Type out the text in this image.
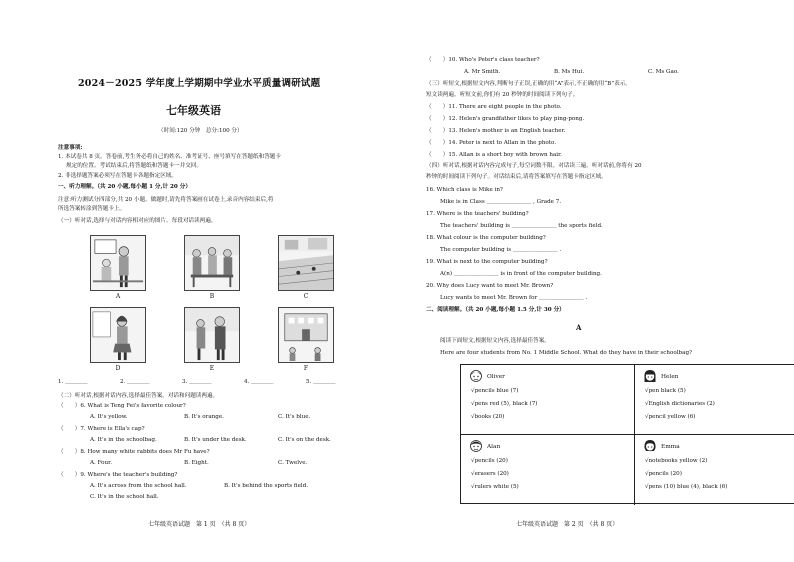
2024－2025 学年度上学期期中学业水平质量调研试题
七年级英语
（时间:120 分钟　总分:100 分）
注意事项:
1. 本试卷共 8 页。答卷前,考生务必将自己的姓名、准考证号、座号填写在答题纸和答题卡
规定的位置。考试结束后,将答题纸和答题卡一并交回。
2. 非选择题答案必须写在答题卡各题指定区域。
一、听力理解。（共 20 小题,每小题 1 分,计 20 分）
注意:听力测试分四部分,共 20 小题。做题时,请先将答案画在试卷上,录音内容结束后,将
所选答案转涂到答题卡上。
（一）听对话,选择与对话内容相对应的图片。每段对话读两遍。
A	B	C
D	E	F
1. ＿＿＿＿	2. ＿＿＿＿	3. ＿＿＿＿	4. ＿＿＿＿	5. ＿＿＿＿
（二）听对话,根据对话内容,选择最佳答案。对话和问题读两遍。
（　　）6. What is Teng Fei's favorite colour?
A. It's yellow.	B. It's orange.	C. It's blue.
（　　）7. Where is Ella's cap?
A. It's in the schoolbag.	B. It's under the desk.	C. It's on the desk.
（　　）8. How many white rabbits does Mr Fu have?
A. Four.	B. Eight.	C. Twelve.
（　　）9. Where's the teacher's building?
A. It's across from the school hall.	B. It's behind the sports field.
C. It's in the school hall.
七年级英语试题　第 1 页　（共 8 页）
（　　）10. Who's Peter's class teacher?
A. Mr Smith.	B. Ms Hui.	C. Ms Gao.
（三）听短文,根据短文内容,判断句子正误,正确的用“A”表示,不正确的用“B”表示。
短文读两遍。听短文前,你们有 20 秒钟的时间阅读下列句子。
（　　）11. There are eight people in the photo.
（　　）12. Helen's grandfather likes to play ping-pong.
（　　）13. Helen's mother is an English teacher.
（　　）14. Peter is next to Allan in the photo.
（　　）15. Allan is a short boy with brown hair.
（四）听对话,根据对话内容完成句子,每空词数不限。对话读三遍。听对话前,你将有 20
秒钟的时间阅读下列句子。对话结束后,请将答案填写在答题卡指定区域。
16. Which class is Mike in?
Mike is in Class ＿＿＿＿＿＿＿＿ , Grade 7.
17. Where is the teachers' building?
The teachers' building is ＿＿＿＿＿＿＿＿ the sports field.
18. What colour is the computer building?
The computer building is ＿＿＿＿＿＿＿＿ .
19. What is next to the computer building?
A(n) ＿＿＿＿＿＿＿＿ is in front of the computer building.
20. Why does Lucy want to meet Mr. Brown?
Lucy wants to meet Mr. Brown for ＿＿＿＿＿＿＿＿ .
二、阅读理解。（共 20 小题,每小题 1.5 分,计 30 分）
A
阅读下面短文,根据短文内容,选择最佳答案。
Here are four students from No. 1 Middle School. What do they have in their schoolbag?
Oliver
√pencils blue (7)
√pens red (5), black (7)
√books (20)
Helen
√pen black (5)
√English dictionaries (2)
√pencil yellow (6)
Alan
√pencils (20)
√erasers (20)
√rulers white (5)
Emma
√notebooks yellow (2)
√pencils (20)
√pens (10) blue (4), black (6)
七年级英语试题　第 2 页　（共 8 页）
